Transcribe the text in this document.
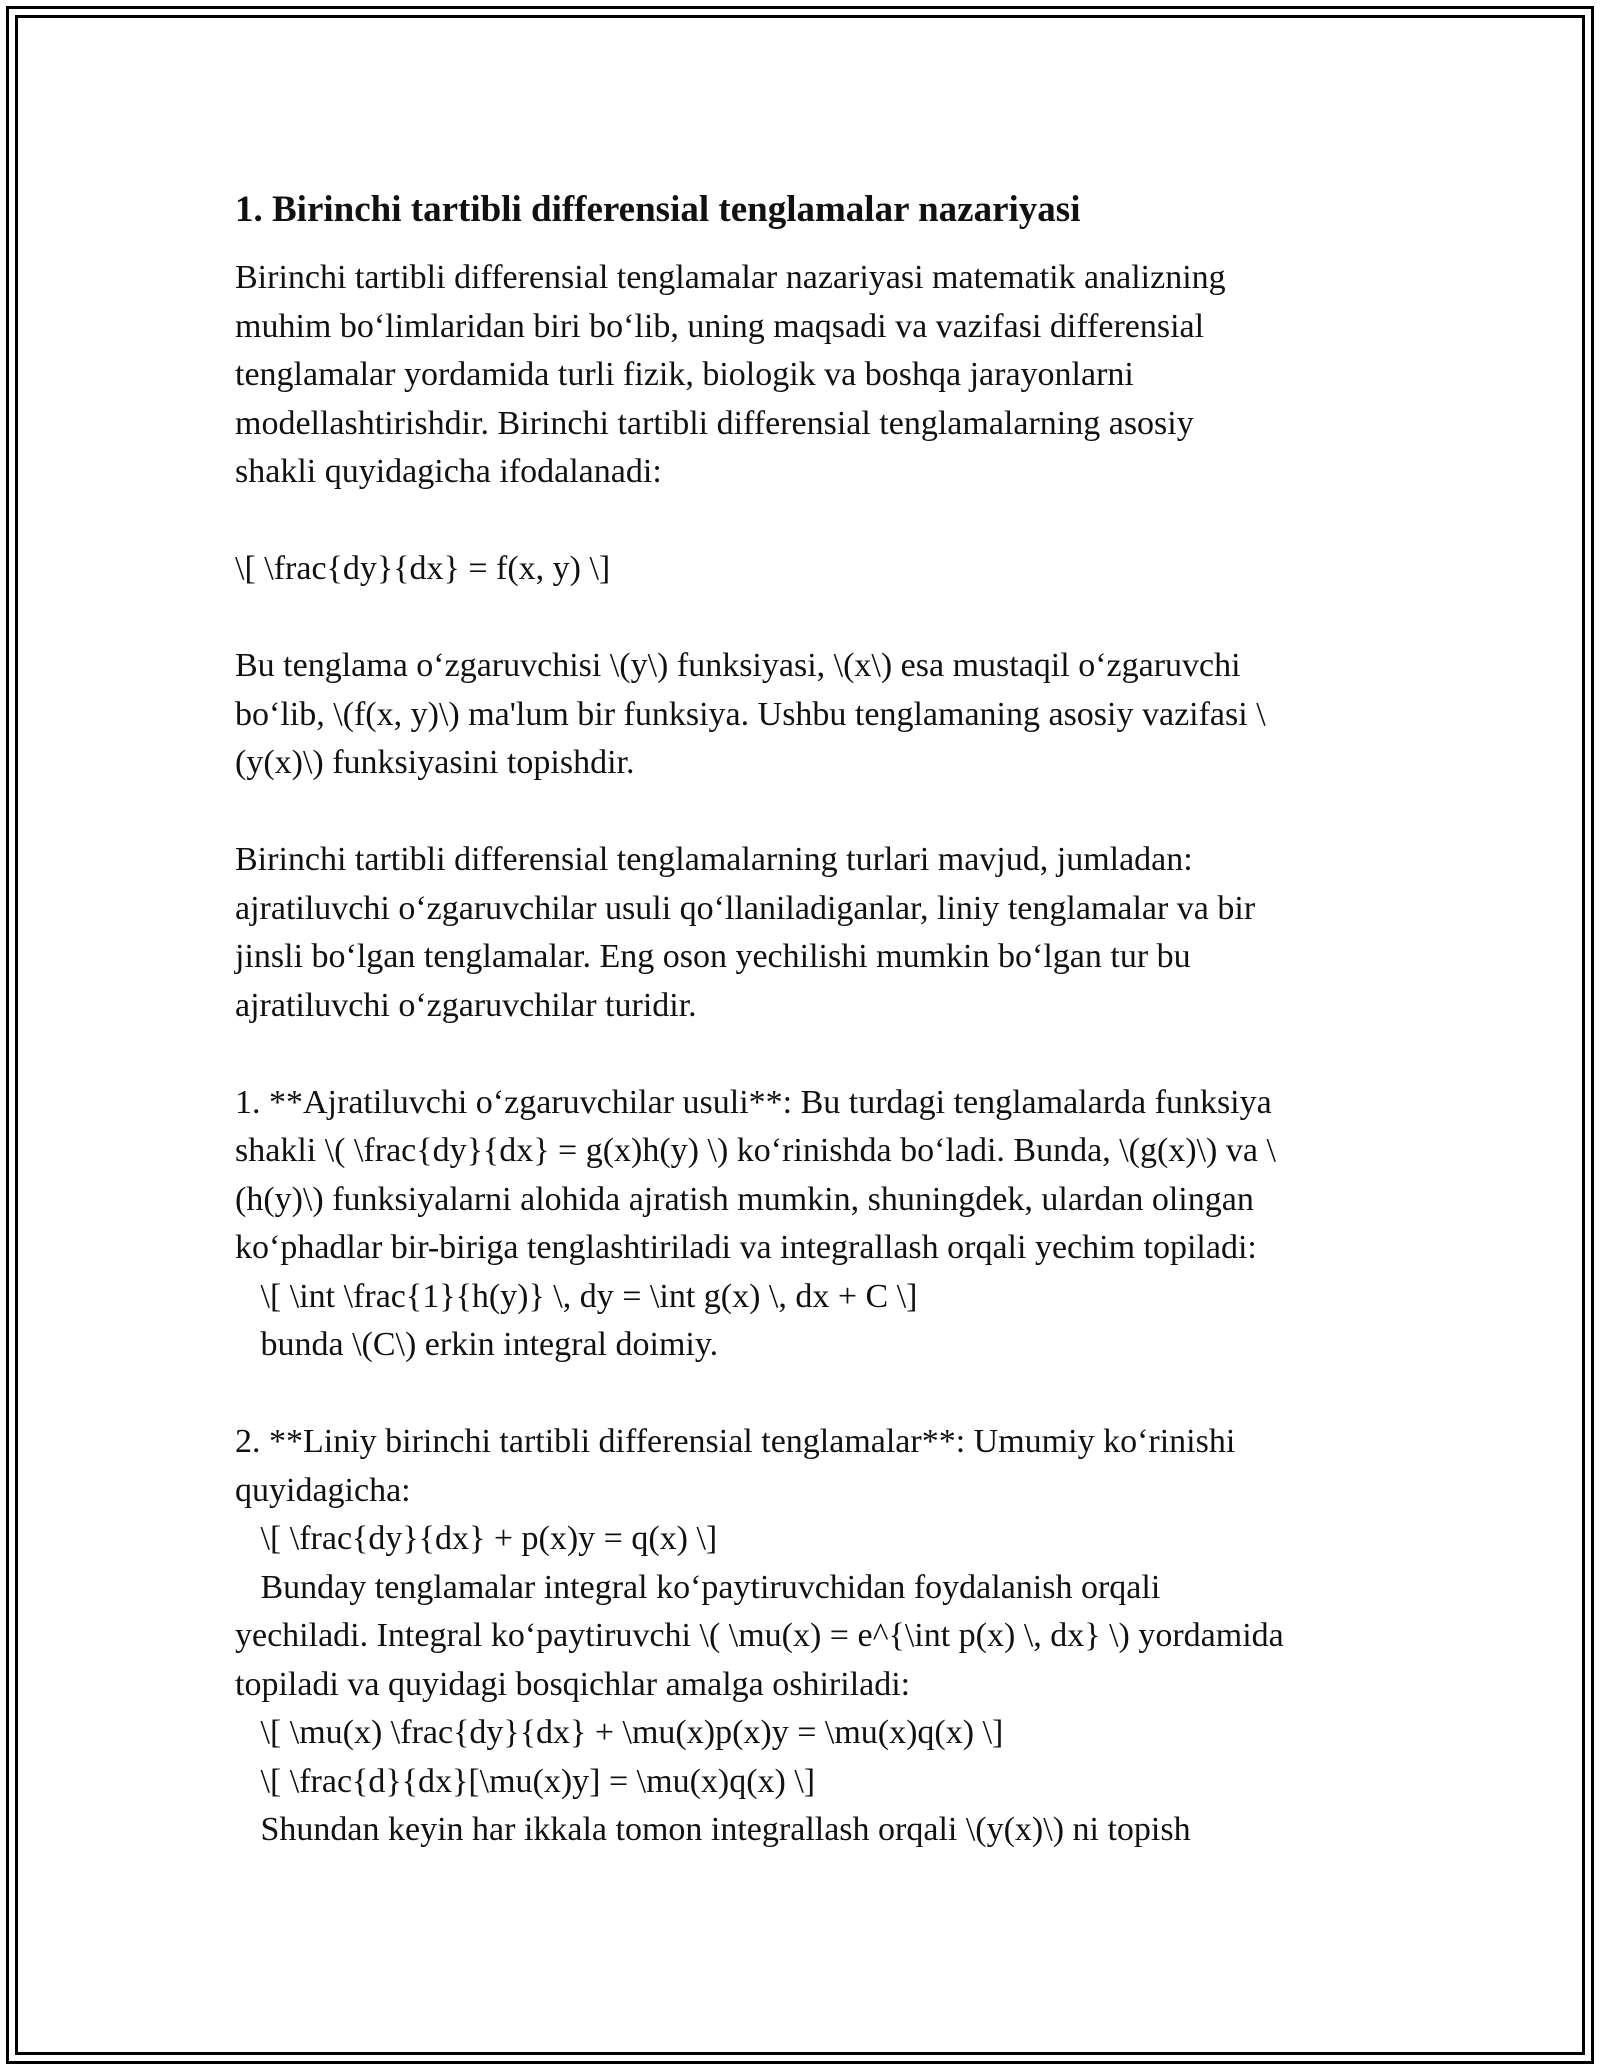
1. Birinchi tartibli differensial tenglamalar nazariyasi
Birinchi tartibli differensial tenglamalar nazariyasi matematik analizning
muhim bo‘limlaridan biri bo‘lib, uning maqsadi va vazifasi differensial
tenglamalar yordamida turli fizik, biologik va boshqa jarayonlarni
modellashtirishdir. Birinchi tartibli differensial tenglamalarning asosiy
shakli quyidagicha ifodalanadi:
\[ \frac{dy}{dx} = f(x, y) \]
Bu tenglama o‘zgaruvchisi \(y\) funksiyasi, \(x\) esa mustaqil o‘zgaruvchi
bo‘lib, \(f(x, y)\) ma'lum bir funksiya. Ushbu tenglamaning asosiy vazifasi \
(y(x)\) funksiyasini topishdir.
Birinchi tartibli differensial tenglamalarning turlari mavjud, jumladan:
ajratiluvchi o‘zgaruvchilar usuli qo‘llaniladiganlar, liniy tenglamalar va bir
jinsli bo‘lgan tenglamalar. Eng oson yechilishi mumkin bo‘lgan tur bu
ajratiluvchi o‘zgaruvchilar turidir.
1. **Ajratiluvchi o‘zgaruvchilar usuli**: Bu turdagi tenglamalarda funksiya
shakli \( \frac{dy}{dx} = g(x)h(y) \) ko‘rinishda bo‘ladi. Bunda, \(g(x)\) va \
(h(y)\) funksiyalarni alohida ajratish mumkin, shuningdek, ulardan olingan
ko‘phadlar bir-biriga tenglashtiriladi va integrallash orqali yechim topiladi:
\[ \int \frac{1}{h(y)} \, dy = \int g(x) \, dx + C \]
bunda \(C\) erkin integral doimiy.
2. **Liniy birinchi tartibli differensial tenglamalar**: Umumiy ko‘rinishi
quyidagicha:
\[ \frac{dy}{dx} + p(x)y = q(x) \]
Bunday tenglamalar integral ko‘paytiruvchidan foydalanish orqali
yechiladi. Integral ko‘paytiruvchi \( \mu(x) = e^{\int p(x) \, dx} \) yordamida
topiladi va quyidagi bosqichlar amalga oshiriladi:
\[ \mu(x) \frac{dy}{dx} + \mu(x)p(x)y = \mu(x)q(x) \]
\[ \frac{d}{dx}[\mu(x)y] = \mu(x)q(x) \]
Shundan keyin har ikkala tomon integrallash orqali \(y(x)\) ni topish
